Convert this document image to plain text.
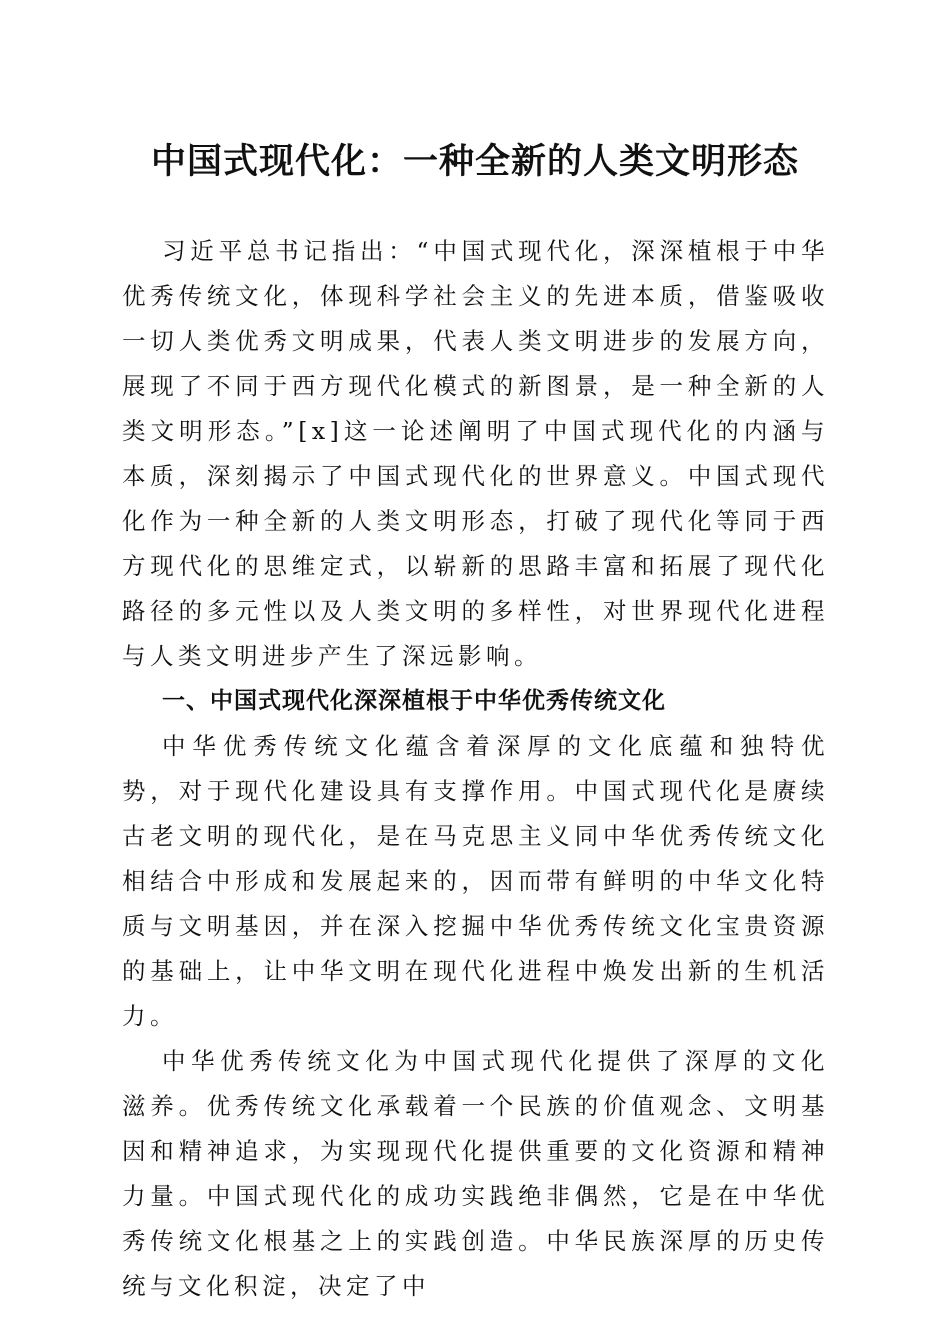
中国式现代化：一种全新的人类文明形态

习近平总书记指出：“中国式现代化，深深植根于中华优秀传统文化，体现科学社会主义的先进本质，借鉴吸收一切人类优秀文明成果，代表人类文明进步的发展方向，展现了不同于西方现代化模式的新图景，是一种全新的人类文明形态。”[x]这一论述阐明了中国式现代化的内涵与本质，深刻揭示了中国式现代化的世界意义。中国式现代化作为一种全新的人类文明形态，打破了现代化等同于西方现代化的思维定式，以崭新的思路丰富和拓展了现代化路径的多元性以及人类文明的多样性，对世界现代化进程与人类文明进步产生了深远影响。

一、中国式现代化深深植根于中华优秀传统文化

中华优秀传统文化蕴含着深厚的文化底蕴和独特优势，对于现代化建设具有支撑作用。中国式现代化是赓续古老文明的现代化，是在马克思主义同中华优秀传统文化相结合中形成和发展起来的，因而带有鲜明的中华文化特质与文明基因，并在深入挖掘中华优秀传统文化宝贵资源的基础上，让中华文明在现代化进程中焕发出新的生机活力。

中华优秀传统文化为中国式现代化提供了深厚的文化滋养。优秀传统文化承载着一个民族的价值观念、文明基因和精神追求，为实现现代化提供重要的文化资源和精神力量。中国式现代化的成功实践绝非偶然，它是在中华优秀传统文化根基之上的实践创造。中华民族深厚的历史传统与文化积淀，决定了中
